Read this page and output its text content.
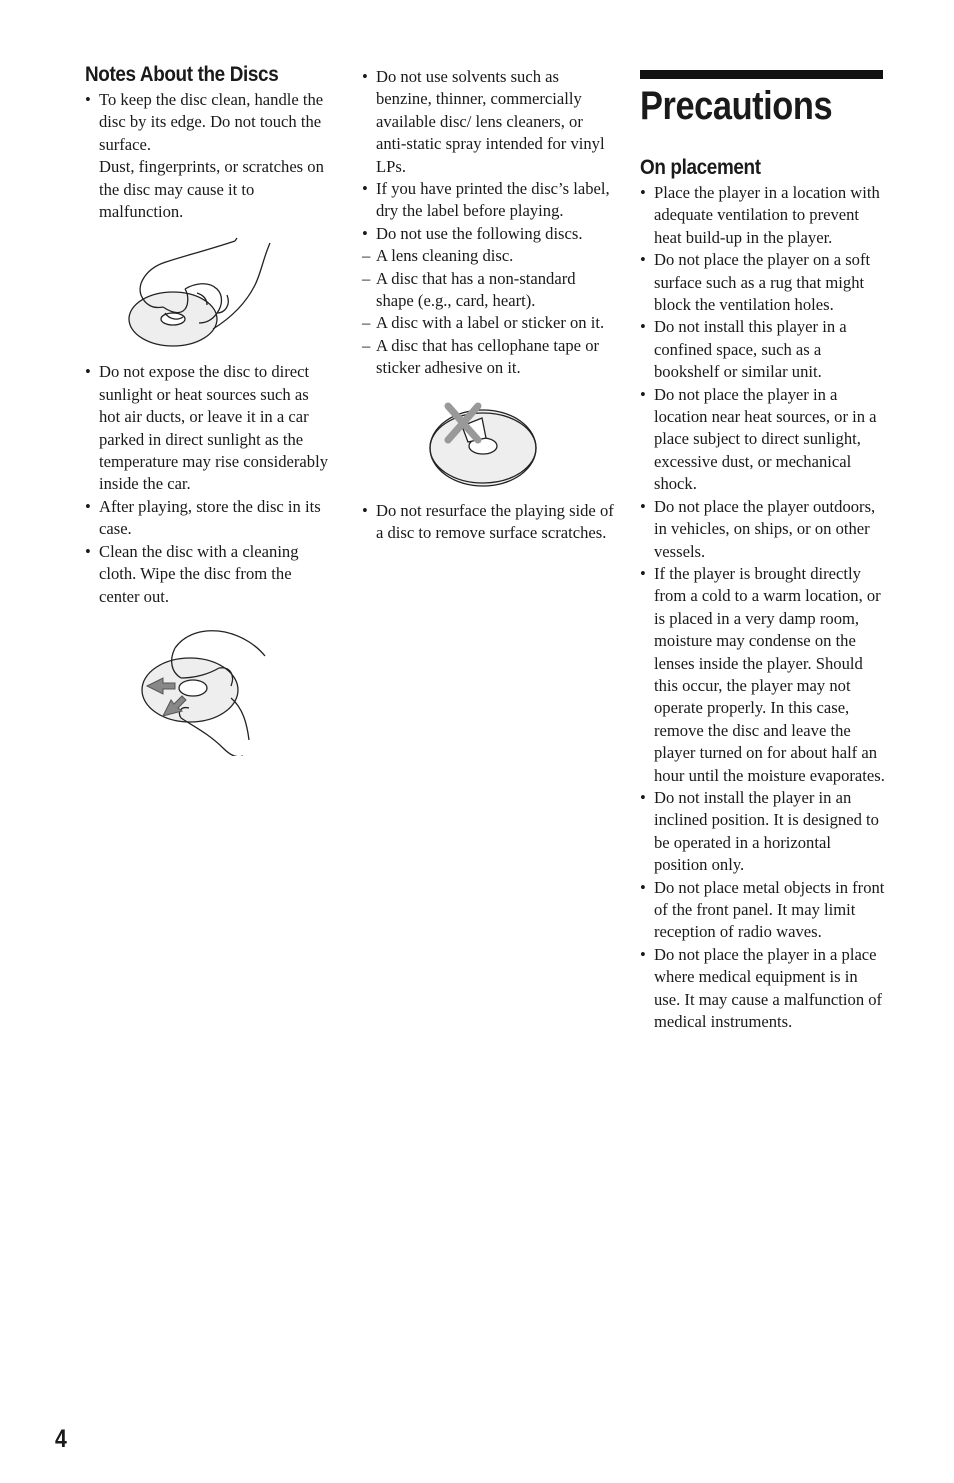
Notes About the Discs

• To keep the disc clean, handle the disc by its edge. Do not touch the surface.

Dust, fingerprints, or scratches on the disc may cause it to malfunction.

• Do not expose the disc to direct sunlight or heat sources such as hot air ducts, or leave it in a car parked in direct sunlight as the temperature may rise considerably inside the car.

• After playing, store the disc in its case.

• Clean the disc with a cleaning cloth. Wipe the disc from the center out.

• Do not use solvents such as benzine, thinner, commercially available disc/ lens cleaners, or anti-static spray intended for vinyl LPs.

• If you have printed the disc’s label, dry the label before playing.

• Do not use the following discs.

– A lens cleaning disc.

– A disc that has a non-standard shape (e.g., card, heart).

– A disc with a label or sticker on it.

– A disc that has cellophane tape or sticker adhesive on it.

• Do not resurface the playing side of a disc to remove surface scratches.

Precautions
On placement

• Place the player in a location with adequate ventilation to prevent heat build-up in the player.

• Do not place the player on a soft surface such as a rug that might block the ventilation holes.

• Do not install this player in a confined space, such as a bookshelf or similar unit.

• Do not place the player in a location near heat sources, or in a place subject to direct sunlight, excessive dust, or mechanical shock.

• Do not place the player outdoors, in vehicles, on ships, or on other vessels.

• If the player is brought directly from a cold to a warm location, or is placed in a very damp room, moisture may condense on the lenses inside the player. Should this occur, the player may not operate properly. In this case, remove the disc and leave the player turned on for about half an hour until the moisture evaporates.

• Do not install the player in an inclined position. It is designed to be operated in a horizontal position only.

• Do not place metal objects in front of the front panel. It may limit reception of radio waves.

• Do not place the player in a place where medical equipment is in use. It may cause a malfunction of medical instruments.

4
